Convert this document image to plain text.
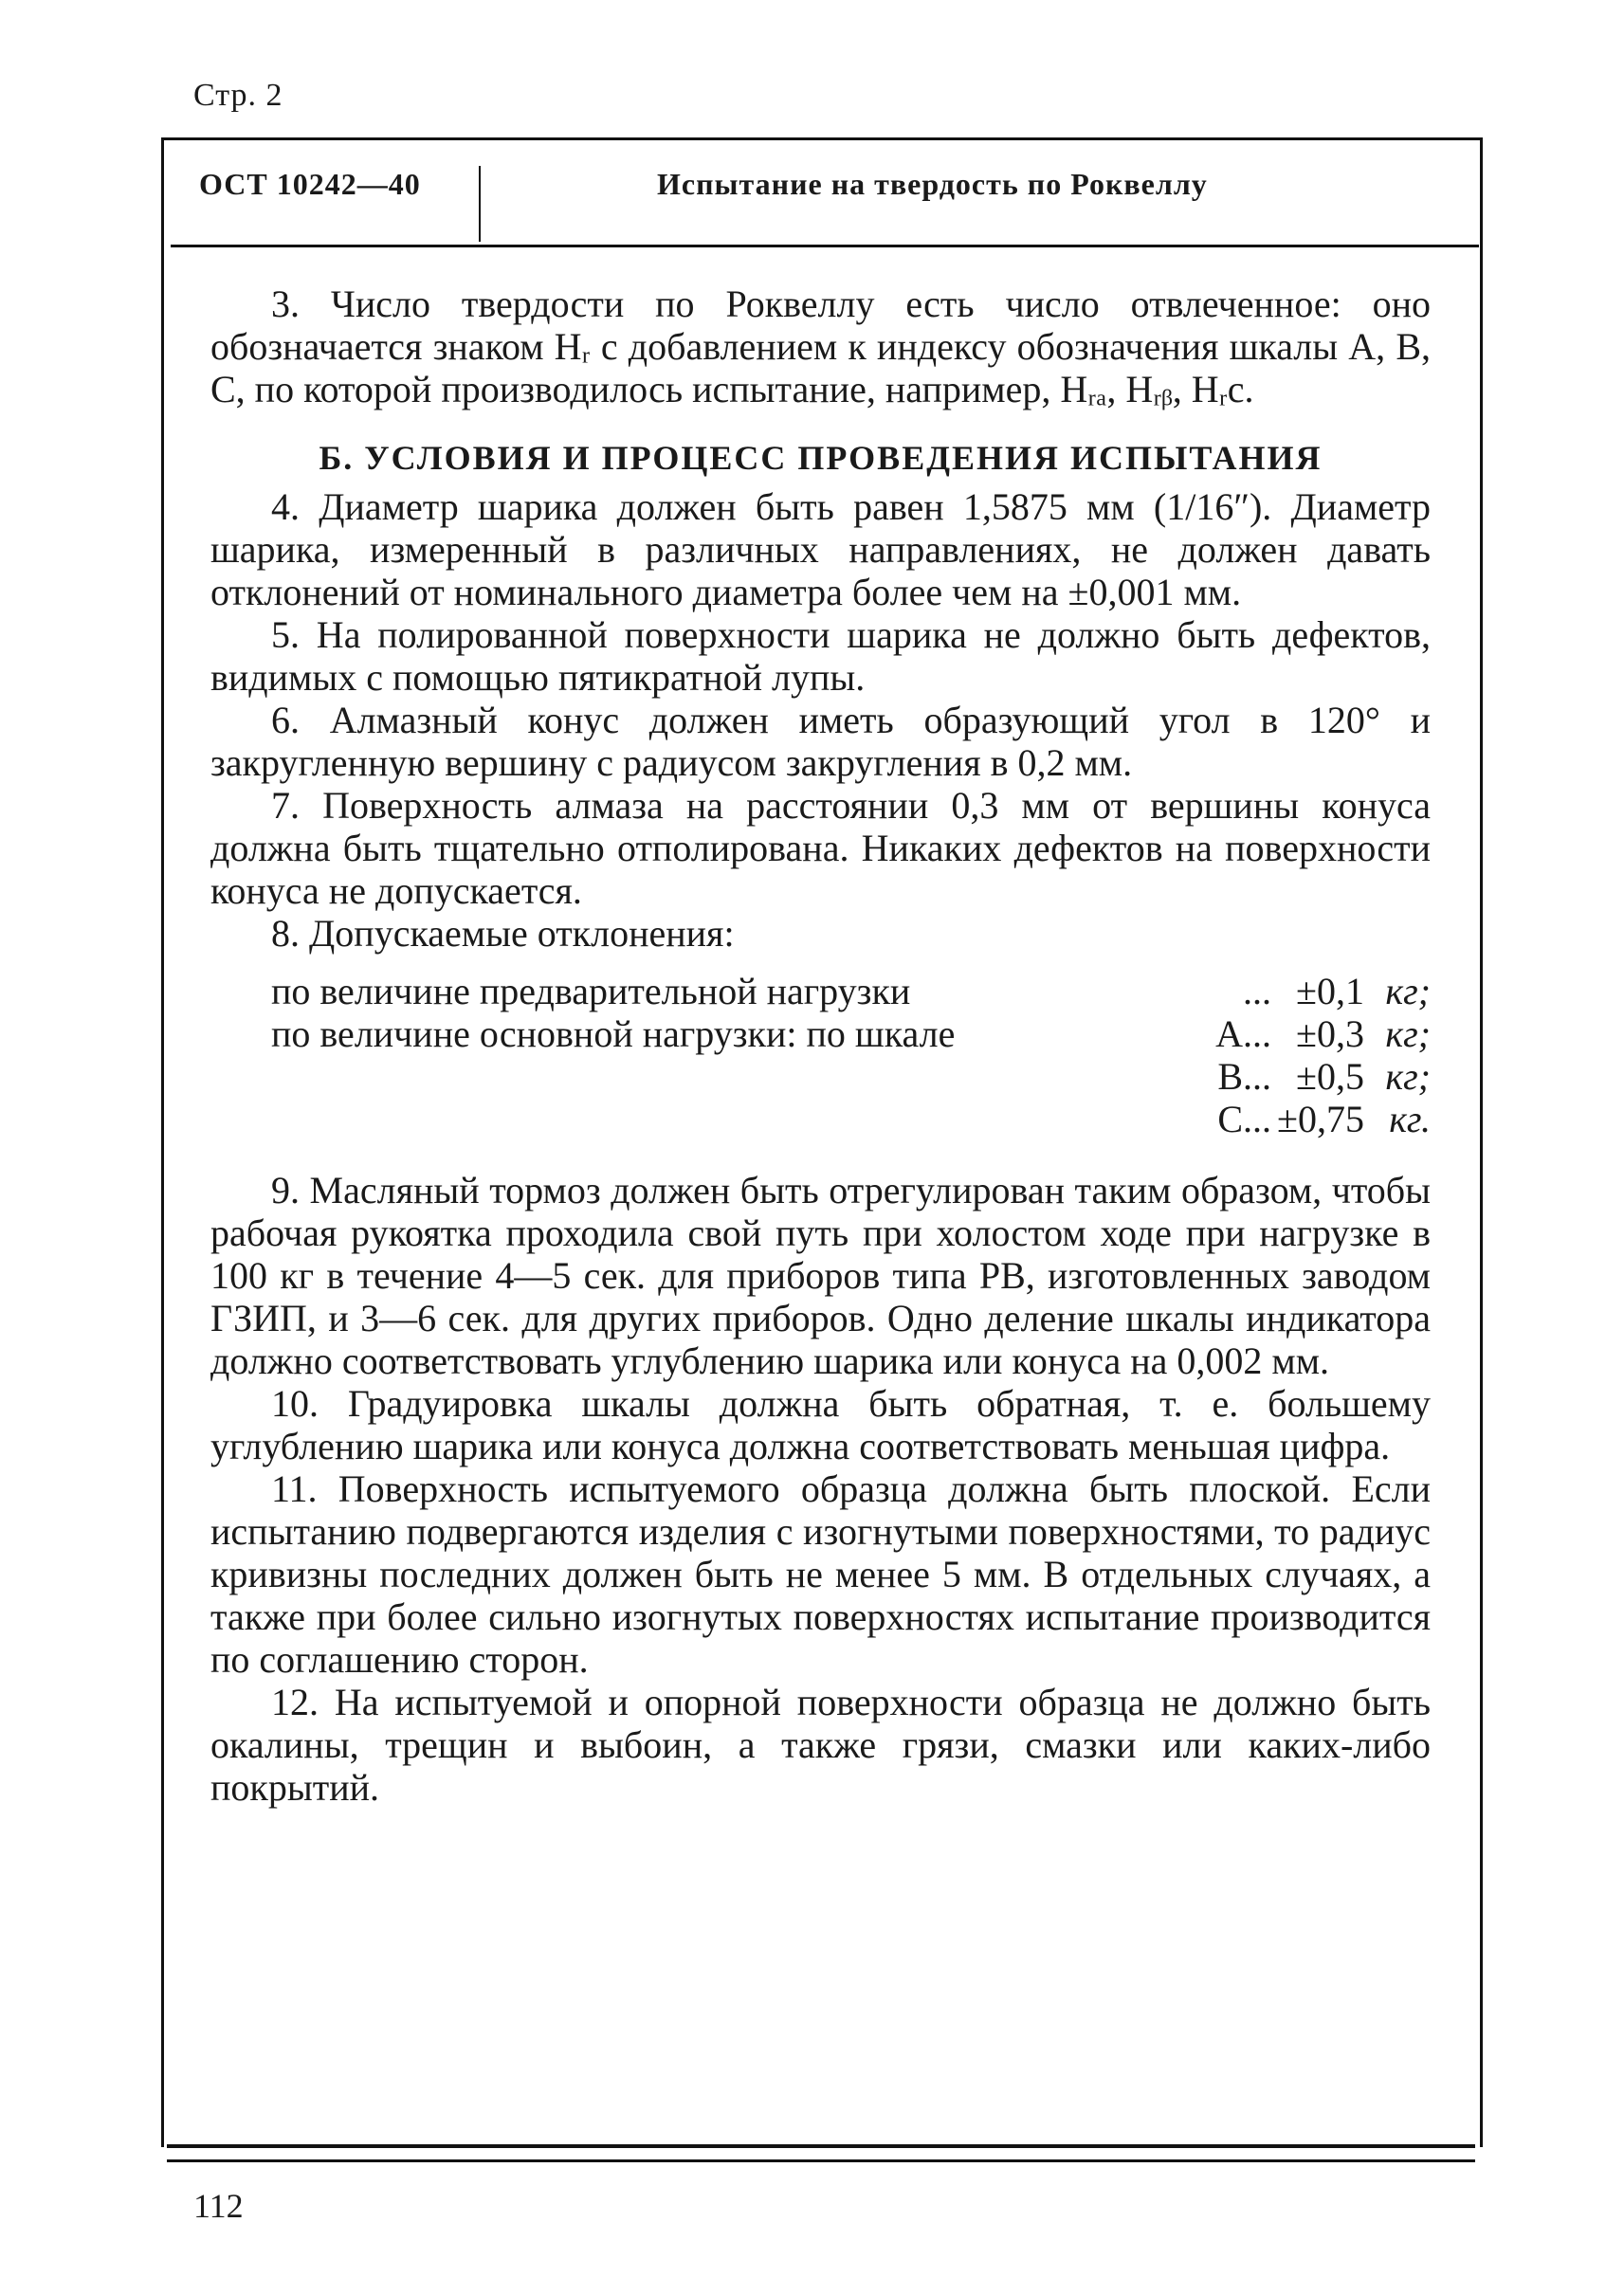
Стр. 2
ОСТ 10242—40	Испытание на твердость по Роквеллу

3. Число твердости по Роквеллу есть число отвлеченное: оно обозначается знаком Hᵣ с добавлением к индексу обозначения шкалы A, B, C, по которой производилось испытание, например, Hᵣₐ, Hᵣᵦ, Hᵣc.

Б. УСЛОВИЯ И ПРОЦЕСС ПРОВЕДЕНИЯ ИСПЫТАНИЯ

4. Диаметр шарика должен быть равен 1,5875 мм (1/16″). Диаметр шарика, измеренный в различных направлениях, не должен давать отклонений от номинального диаметра более чем на ±0,001 мм.

5. На полированной поверхности шарика не должно быть дефектов, видимых с помощью пятикратной лупы.

6. Алмазный конус должен иметь образующий угол в 120° и закругленную вершину с радиусом закругления в 0,2 мм.

7. Поверхность алмаза на расстоянии 0,3 мм от вершины конуса должна быть тщательно отполирована. Никаких дефектов на поверхности конуса не допускается.

8. Допускаемые отклонения:

по величине предварительной нагрузки	... ±0,1 кг;
по величине основной нагрузки: по шкале	A... ±0,3 кг;
B... ±0,5 кг;
C... ±0,75 кг.

9. Масляный тормоз должен быть отрегулирован таким образом, чтобы рабочая рукоятка проходила свой путь при холостом ходе при нагрузке в 100 кг в течение 4—5 сек. для приборов типа РВ, изготовленных заводом ГЗИП, и 3—6 сек. для других приборов. Одно деление шкалы индикатора должно соответствовать углублению шарика или конуса на 0,002 мм.

10. Градуировка шкалы должна быть обратная, т. е. большему углублению шарика или конуса должна соответствовать меньшая цифра.

11. Поверхность испытуемого образца должна быть плоской. Если испытанию подвергаются изделия с изогнутыми поверхностями, то радиус кривизны последних должен быть не менее 5 мм. В отдельных случаях, а также при более сильно изогнутых поверхностях испытание производится по соглашению сторон.

12. На испытуемой и опорной поверхности образца не должно быть окалины, трещин и выбоин, а также грязи, смазки или каких-либо покрытий.

112
